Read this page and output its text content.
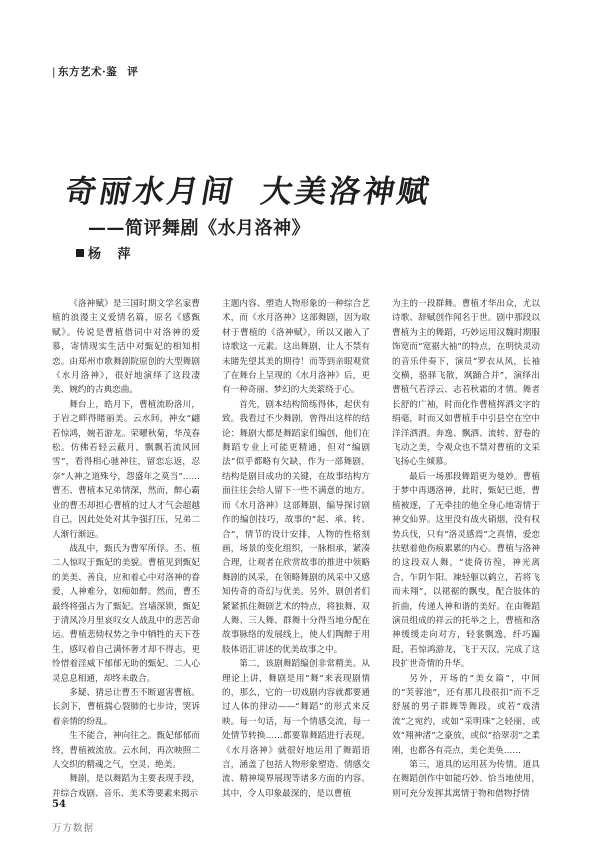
| 东方艺术·鉴 评
奇丽水月间 大美洛神赋
——简评舞剧《水月洛神》
杨 萍

《洛神赋》是三国时期文学名家曹植的浪漫主义爱情名篇，原名《感甄赋》。传说是曹植借词中对洛神的爱慕，寄情现实生活中对甄妃的相知相恋。由郑州市歌舞剧院原创的大型舞剧《水月洛神》，很好地演绎了这段凄美、婉约的古典恋曲。

舞台上，皓月下，曹植流盼洛川，于岩之畔得睹丽美。云水间，神女“翩若惊鸿，婉若游龙。荣曜秋菊，华茂春松。仿佛若轻云蔽月，飘飘若流风回雪”，看得相心驰神往，留恋忘返，忍奈“人神之道殊兮，怨盛年之莫当”……曹丕、曹植本兄弟情深，然而，醉心霸业的曹丕却担心曹植的过人才气会超越自己，因此处处对其争强打压，兄弟二人渐行渐远。

战乱中，甄氏为曹军所俘。丕、植二人惊叹于甄妃的美貌。曹植见到甄妃的美美、善良，应和着心中对洛神的眷爱，人神难分，如痴如醉。然而，曹丕最终将强占为了甄妃。宫墙深锁，甄妃于清风冷月里哀叹女人战乱中的悲苦命运。曹植悲恸权势之争中牺牲的天下苍生，感叹着自己满怀奢才却不得志，更怜惜着淫威下郁郁无助的甄妃。二人心灵息息相通，却终未敢合。

多疑、猜忌让曹丕不断逼害曹植。长剑下，曹植揣心裂肺的七步诗，哭诉着亲情的纷乱。

生不能合，神向往之。甄妃郁郁而终，曹植被流放。云水间，再次映照二人交织的精魂之气，空灵、绝美。

舞剧，是以舞蹈为主要表现手段，并综合戏剧、音乐、美术等要素来揭示

主题内容、塑造人物形象的一种综合艺术，而《水月洛神》这部舞剧，因为取材于曹植的《洛神赋》，所以又融入了诗歌这一元素。这出舞剧，让人不禁有未睹先望其美的期待！而等到亲眼观赏了在舞台上呈现的《水月洛神》后，更有一种奇丽、梦幻的大美萦绕于心。

首先，剧本结构简练得体，起伏有致。我看过不少舞剧，曾得出这样的结论：舞剧大都是舞蹈家们编创，他们在舞蹈专业上可能更精通，但对“编剧法”似乎都略有欠缺，作为一部舞剧，结构是剧目成功的关键，在故事结构方面往往会给人留下一些不满意的地方。而《水月洛神》这部舞剧，编导探讨剧作的编创技巧，故事的“起、承、转、合”，情节的设计安排，人物的性格刻画，场景的变化组织，一脉相承，紧凑合理，让观者在欣赏故事的推进中领略舞剧的风采，在领略舞剧的风采中又感知传奇的奇幻与优美。另外，剧创者们紧紧抓住舞剧艺术的特点，将独舞、双人舞、三人舞、群舞十分得当地分配在故事脉络的发展线上，使人们陶醉于用肢体语汇讲述的优美故事之中。

第二，该剧舞蹈编创非常精美。从理论上讲，舞剧是用“舞”来表现剧情的，那么，它的一切戏剧内容就都要通过人体的律动——“舞蹈”的形式来反映。每一句话，每一个情感交流，每一处情节转换……都要靠舞蹈进行表现。《水月洛神》就很好地运用了舞蹈语言，涵盖了包括人物形象塑造、情感交流、精神境界展现等诸多方面的内容。其中，令人印象最深的，是以曹植

为主的一段群舞。曹植才华出众，尤以诗歌、辞赋创作闻名于世。剧中那段以曹植为主的舞蹈，巧妙运用汉魏时期服饰宽而“宽裾大袖”的特点，在明快灵动的音乐伴奏下，演员“罗衣从风，长袖交横，骆驿飞散，飒踊合并”，演绎出曹植气若浮云、志若秋霜的才情。舞者长舒的广袖，时而化作曹植挥洒文字的绢毫，时而又如曹植手中引县空在空中洋洋洒洒。奔逸、飘洒、流转、舒卷的飞动之美，令观众也不禁对曹植的文采飞扬心生倾慕。

最后一场那段舞蹈更为曼妙。曹植于梦中再遇洛神，此时，甄妃已逝，曹植被逐，了无牵挂的他全身心地寄情于神交仙界。这里没有战火硝烟，没有权势兵伐，只有“洛灵感焉”之真情，爱恋扶慰着他伤痕累累的内心。曹植与洛神的这段双人舞，“徙倚彷徨，神光离合，乍阴乍阳。竦轻躯以鹤立，若将飞而未翔”，以裙裾的飘曳，配合肢体的折曲，传递人神和谐的美好。在由舞蹈演员组成的祥云的托举之上，曹植和洛神缓缓走向对方，轻裳飘逸，纤巧蹁跹，若惊鸿游龙，飞于天汉，完成了这段扩世奇情的升华。

另外，开场的“美女篇”，中间的“芙蓉池”，还有那几段很扣”而不乏舒展的男子群舞等舞段，或若“戏清流”之宛约，或如“采明珠”之轻丽，或效“翔神渚”之豪放，或似“拾翠羽”之柔刚，也都各有亮点，美仑美奂……

第三，道具的运用甚为传情。道具在舞蹈创作中如能巧妙、恰当地使用，则可充分发挥其寓情于物和借物抒情

54
万方数据
